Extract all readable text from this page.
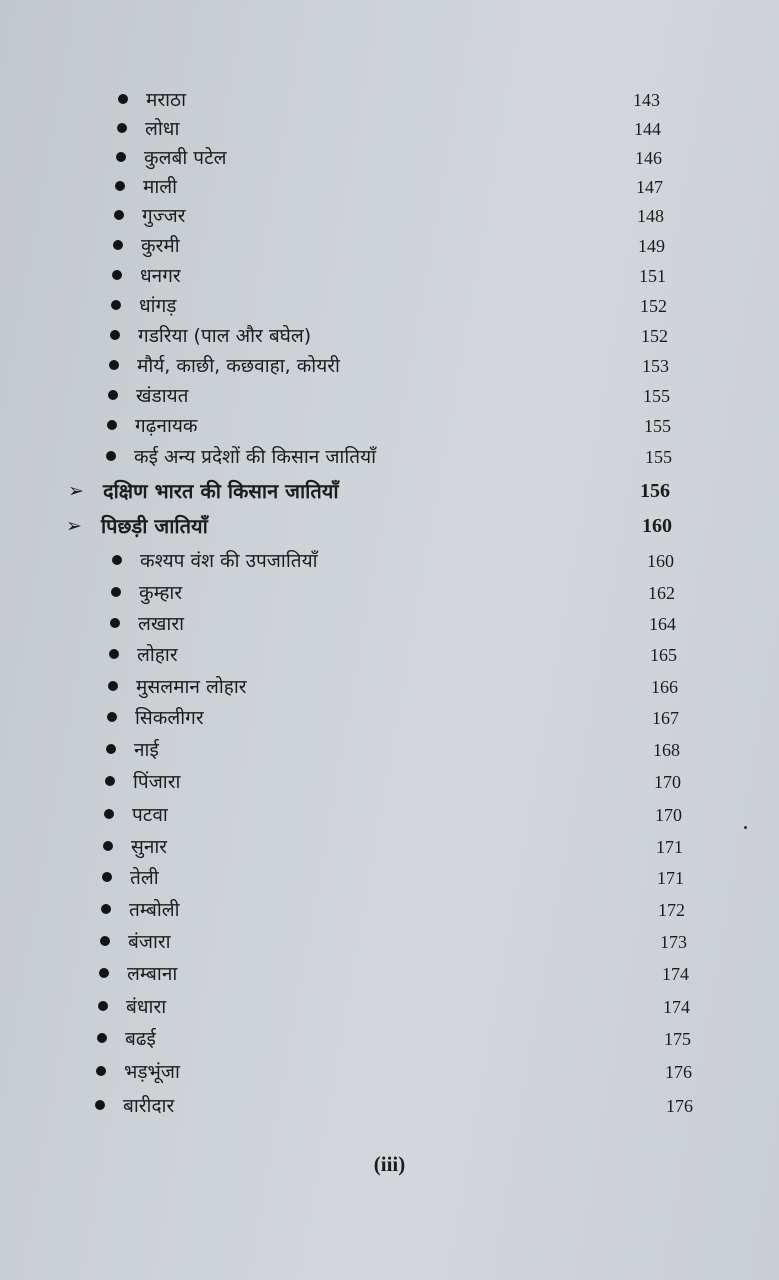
मराठा	143
लोधा	144
कुलबी पटेल	146
माली	147
गुज्जर	148
कुरमी	149
धनगर	151
धांगड़	152
गडरिया (पाल और बघेल)	152
मौर्य, काछी, कछवाहा, कोयरी	153
खंडायत	155
गढ़नायक	155
कई अन्य प्रदेशों की किसान जातियाँ	155
➢ दक्षिण भारत की किसान जातियाँ	156
➢ पिछड़ी जातियाँ	160
कश्यप वंश की उपजातियाँ	160
कुम्हार	162
लखारा	164
लोहार	165
मुसलमान लोहार	166
सिकलीगर	167
नाई	168
पिंजारा	170
पटवा	170
सुनार	171
तेली	171
तम्बोली	172
बंजारा	173
लम्बाना	174
बंधारा	174
बढई	175
भड़भूंजा	176
बारीदार	176
(iii)
